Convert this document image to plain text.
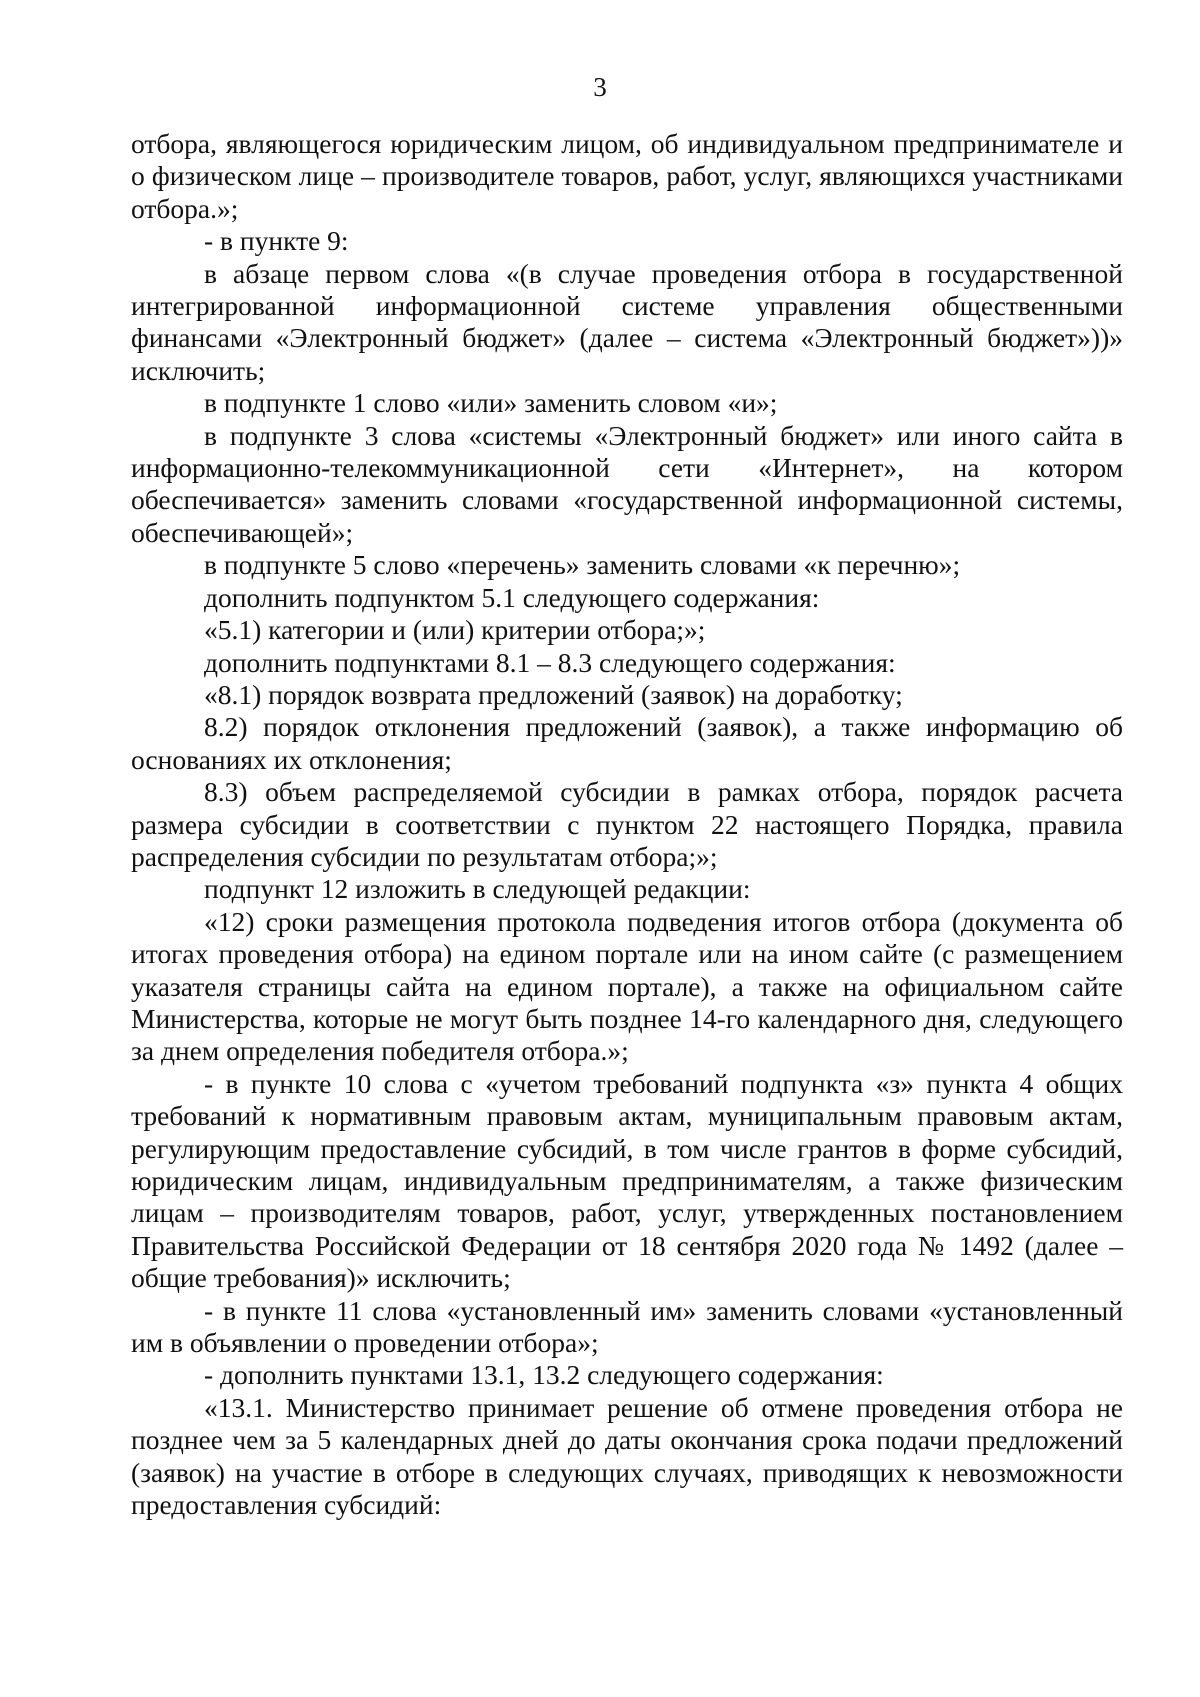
3

отбора, являющегося юридическим лицом, об индивидуальном предпринимателе и о физическом лице – производителе товаров, работ, услуг, являющихся участниками отбора.»;

- в пункте 9:

в абзаце первом слова «(в случае проведения отбора в государственной интегрированной информационной системе управления общественными финансами «Электронный бюджет» (далее – система «Электронный бюджет»))» исключить;

в подпункте 1 слово «или» заменить словом «и»;

в подпункте 3 слова «системы «Электронный бюджет» или иного сайта в информационно-телекоммуникационной сети «Интернет», на котором обеспечивается» заменить словами «государственной информационной системы, обеспечивающей»;

в подпункте 5 слово «перечень» заменить словами «к перечню»;

дополнить подпунктом 5.1 следующего содержания:

«5.1) категории и (или) критерии отбора;»;

дополнить подпунктами 8.1 – 8.3 следующего содержания:

«8.1) порядок возврата предложений (заявок) на доработку;

8.2) порядок отклонения предложений (заявок), а также информацию об основаниях их отклонения;

8.3) объем распределяемой субсидии в рамках отбора, порядок расчета размера субсидии в соответствии с пунктом 22 настоящего Порядка, правила распределения субсидии по результатам отбора;»;

подпункт 12 изложить в следующей редакции:

«12) сроки размещения протокола подведения итогов отбора (документа об итогах проведения отбора) на едином портале или на ином сайте (с размещением указателя страницы сайта на едином портале), а также на официальном сайте Министерства, которые не могут быть позднее 14-го календарного дня, следующего за днем определения победителя отбора.»;

- в пункте 10 слова с «учетом требований подпункта «з» пункта 4 общих требований к нормативным правовым актам, муниципальным правовым актам, регулирующим предоставление субсидий, в том числе грантов в форме субсидий, юридическим лицам, индивидуальным предпринимателям, а также физическим лицам – производителям товаров, работ, услуг, утвержденных постановлением Правительства Российской Федерации от 18 сентября 2020 года № 1492 (далее – общие требования)» исключить;

- в пункте 11 слова «установленный им» заменить словами «установленный им в объявлении о проведении отбора»;

- дополнить пунктами 13.1, 13.2 следующего содержания:

«13.1. Министерство принимает решение об отмене проведения отбора не позднее чем за 5 календарных дней до даты окончания срока подачи предложений (заявок) на участие в отборе в следующих случаях, приводящих к невозможности предоставления субсидий:
